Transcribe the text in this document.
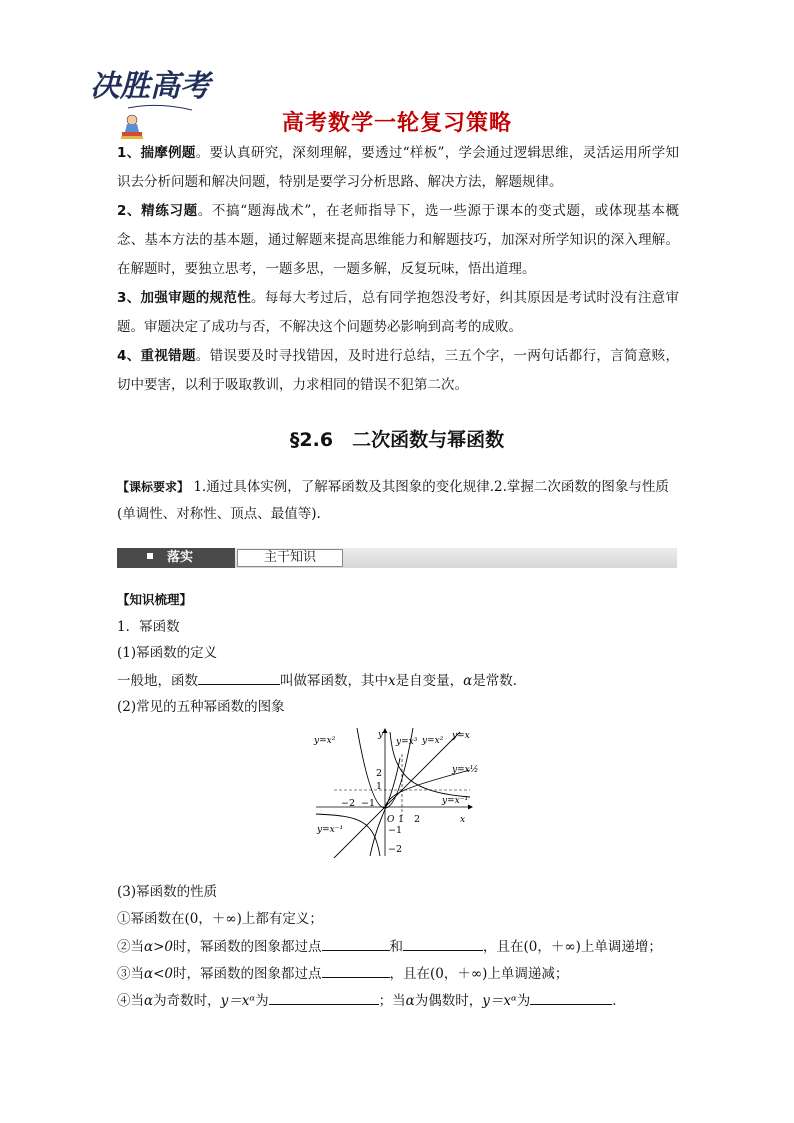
决胜高考
高考数学一轮复习策略
1、揣摩例题。要认真研究，深刻理解，要透过“样板”，学会通过逻辑思维，灵活运用所学知识去分析问题和解决问题，特别是要学习分析思路、解决方法，解题规律。
2、精练习题。不搞“题海战术”，在老师指导下，选一些源于课本的变式题，或体现基本概念、基本方法的基本题，通过解题来提高思维能力和解题技巧，加深对所学知识的深入理解。在解题时，要独立思考，一题多思，一题多解，反复玩味，悟出道理。
3、加强审题的规范性。每每大考过后，总有同学抱怨没考好，纠其原因是考试时没有注意审题。审题决定了成功与否，不解决这个问题势必影响到高考的成败。
4、重视错题。错误要及时寻找错因，及时进行总结，三五个字，一两句话都行，言简意赅，切中要害，以利于吸取教训，力求相同的错误不犯第二次。
§2.6　二次函数与幂函数
【课标要求】 1.通过具体实例，了解幂函数及其图象的变化规律.2.掌握二次函数的图象与性质(单调性、对称性、顶点、最值等).
落实	主干知识
【知识梳理】
1．幂函数
(1)幂函数的定义
一般地，函数	叫做幂函数，其中x是自变量，α是常数．
(2)常见的五种幂函数的图象
y=x²	y=x³ y=x² y=x
y=x½
y=x⁻¹
y=x⁻¹
x
y
O
2
1
−2 −1
1 2
−1
−2
(3)幂函数的性质
①幂函数在(0，＋∞)上都有定义；
②当α>0时，幂函数的图象都过点	和	，且在(0，＋∞)上单调递增；
③当α<0时，幂函数的图象都过点	，且在(0，＋∞)上单调递减；
④当α为奇数时，y＝xᵅ为	；当α为偶数时，y＝xᵅ为	．
